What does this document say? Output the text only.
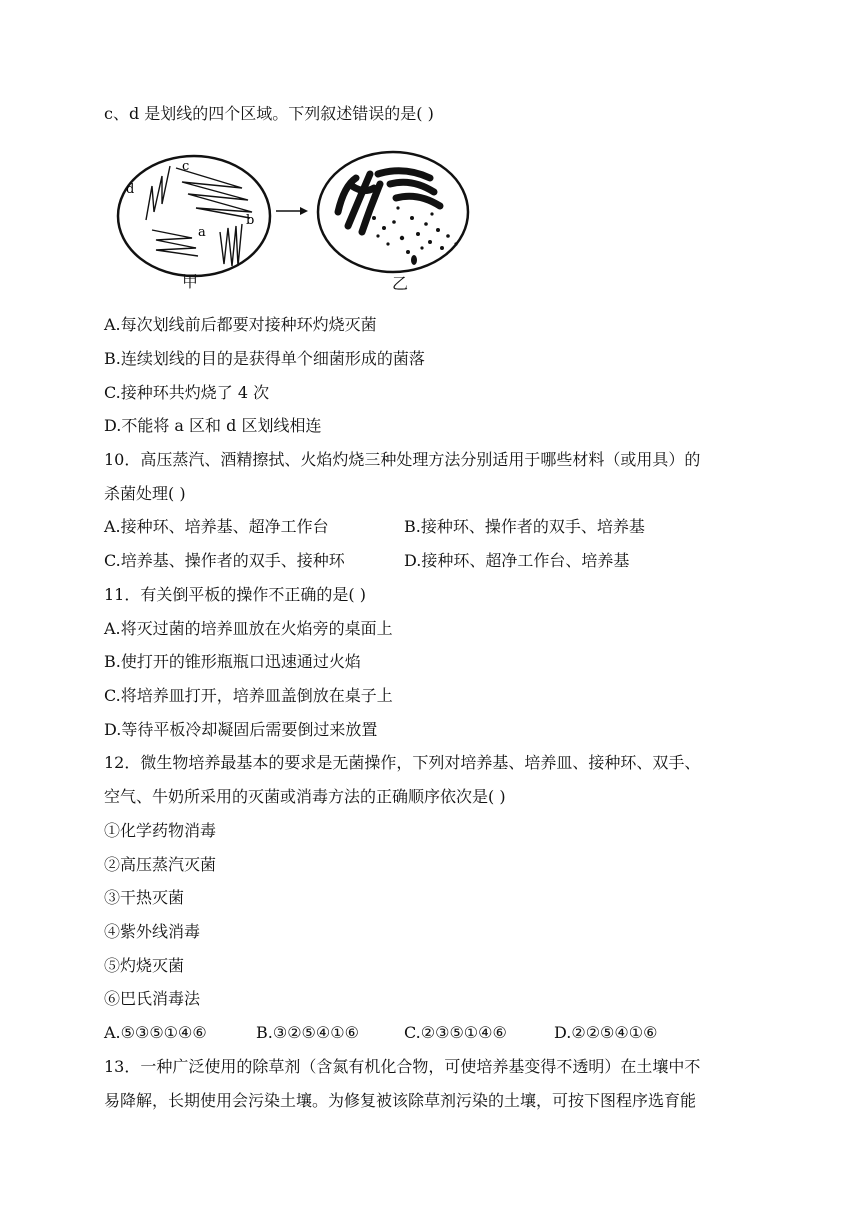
c、d 是划线的四个区域。下列叙述错误的是( )
a
b
c
d
甲	乙
A.每次划线前后都要对接种环灼烧灭菌
B.连续划线的目的是获得单个细菌形成的菌落
C.接种环共灼烧了 4 次
D.不能将 a 区和 d 区划线相连
10．高压蒸汽、酒精擦拭、火焰灼烧三种处理方法分别适用于哪些材料（或用具）的
杀菌处理( )
A.接种环、培养基、超净工作台	B.接种环、操作者的双手、培养基
C.培养基、操作者的双手、接种环	D.接种环、超净工作台、培养基
11．有关倒平板的操作不正确的是( )
A.将灭过菌的培养皿放在火焰旁的桌面上
B.使打开的锥形瓶瓶口迅速通过火焰
C.将培养皿打开，培养皿盖倒放在桌子上
D.等待平板冷却凝固后需要倒过来放置
12．微生物培养最基本的要求是无菌操作，下列对培养基、培养皿、接种环、双手、
空气、牛奶所采用的灭菌或消毒方法的正确顺序依次是( )
①化学药物消毒
②高压蒸汽灭菌
③干热灭菌
④紫外线消毒
⑤灼烧灭菌
⑥巴氏消毒法
A.⑤③⑤①④⑥	B.③②⑤④①⑥	C.②③⑤①④⑥	D.②②⑤④①⑥
13．一种广泛使用的除草剂（含氮有机化合物，可使培养基变得不透明）在土壤中不
易降解，长期使用会污染土壤。为修复被该除草剂污染的土壤，可按下图程序选育能
